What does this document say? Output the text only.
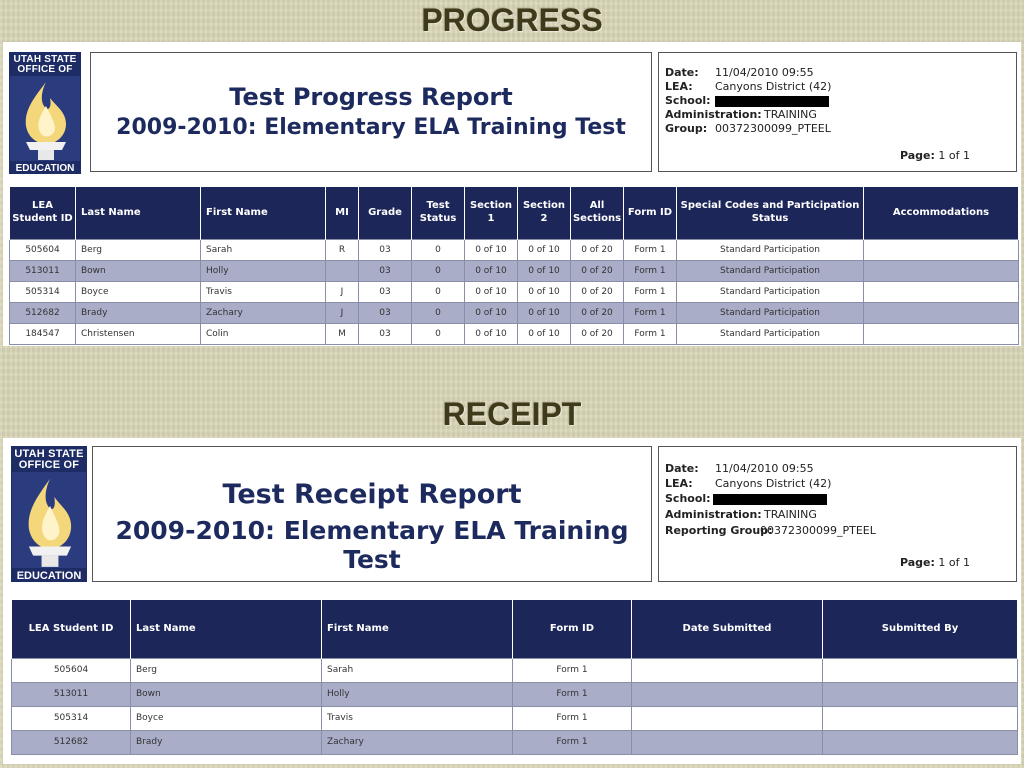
PROGRESS
UTAH STATE
OFFICE OF
EDUCATION
Test Progress Report
2009-2010: Elementary ELA Training Test
Date: 11/04/2010 09:55
LEA: Canyons District (42)
School:
Administration: TRAINING
Group: 00372300099_PTEEL
Page: 1 of 1
LEA Student ID	Last Name	First Name	MI	Grade	Test Status	Section 1	Section 2	All Sections	Form ID	Special Codes and Participation Status	Accommodations
505604	Berg	Sarah	R	03	0	0 of 10	0 of 10	0 of 20	Form 1	Standard Participation	
513011	Bown	Holly		03	0	0 of 10	0 of 10	0 of 20	Form 1	Standard Participation	
505314	Boyce	Travis	J	03	0	0 of 10	0 of 10	0 of 20	Form 1	Standard Participation	
512682	Brady	Zachary	J	03	0	0 of 10	0 of 10	0 of 20	Form 1	Standard Participation	
184547	Christensen	Colin	M	03	0	0 of 10	0 of 10	0 of 20	Form 1	Standard Participation	
RECEIPT
UTAH STATE
OFFICE OF
EDUCATION
Test Receipt Report
2009-2010: Elementary ELA Training Test
Date: 11/04/2010 09:55
LEA: Canyons District (42)
School:
Administration: TRAINING
Reporting Group:00372300099_PTEEL
Page: 1 of 1
LEA Student ID	Last Name	First Name	Form ID	Date Submitted	Submitted By
505604	Berg	Sarah	Form 1		
513011	Bown	Holly	Form 1		
505314	Boyce	Travis	Form 1		
512682	Brady	Zachary	Form 1		
